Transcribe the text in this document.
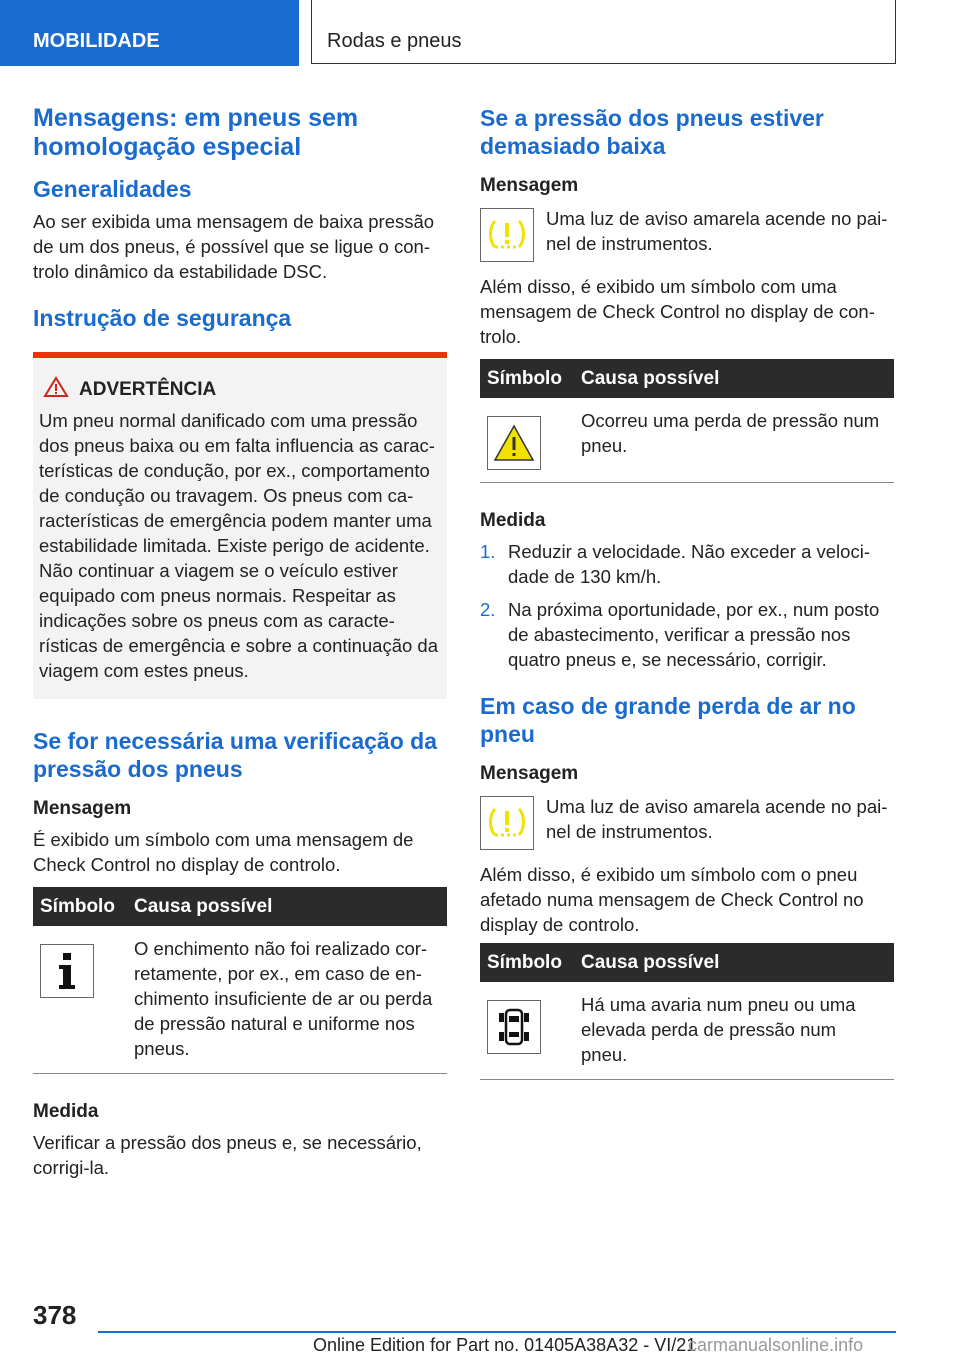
MOBILIDADE	Rodas e pneus
Mensagens: em pneus sem homologação especial
Generalidades

Ao ser exibida uma mensagem de baixa pressão de um dos pneus, é possível que se ligue o controlo dinâmico da estabilidade DSC.

Instrução de segurança
ADVERTÊNCIA

Um pneu normal danificado com uma pressão dos pneus baixa ou em falta influencia as características de condução, por ex., comportamento de condução ou travagem. Os pneus com características de emergência podem manter uma estabilidade limitada. Existe perigo de acidente. Não continuar a viagem se o veículo estiver equipado com pneus normais. Respeitar as indicações sobre os pneus com as características de emergência e sobre a continuação da viagem com estes pneus.

Se for necessária uma verificação da pressão dos pneus

Mensagem

É exibido um símbolo com uma mensagem de Check Control no display de controlo.

Símbolo	Causa possível

	O enchimento não foi realizado corretamente, por ex., em caso de enchimento insuficiente de ar ou perda de pressão natural e uniforme nos pneus.

Medida

Verificar a pressão dos pneus e, se necessário, corrigi-la.

Se a pressão dos pneus estiver demasiado baixa

Mensagem

Uma luz de aviso amarela acende no painel de instrumentos.

Além disso, é exibido um símbolo com uma mensagem de Check Control no display de controlo.

Símbolo	Causa possível

	Ocorreu uma perda de pressão num pneu.

Medida

1. Reduzir a velocidade. Não exceder a velocidade de 130 km/h.
2. Na próxima oportunidade, por ex., num posto de abastecimento, verificar a pressão nos quatro pneus e, se necessário, corrigir.
Em caso de grande perda de ar no pneu

Mensagem

Uma luz de aviso amarela acende no painel de instrumentos.

Além disso, é exibido um símbolo com o pneu afetado numa mensagem de Check Control no display de controlo.

Símbolo	Causa possível

	Há uma avaria num pneu ou uma elevada perda de pressão num pneu.
378
Online Edition for Part no. 01405A38A32 - VI/21
carmanualsonline.info
